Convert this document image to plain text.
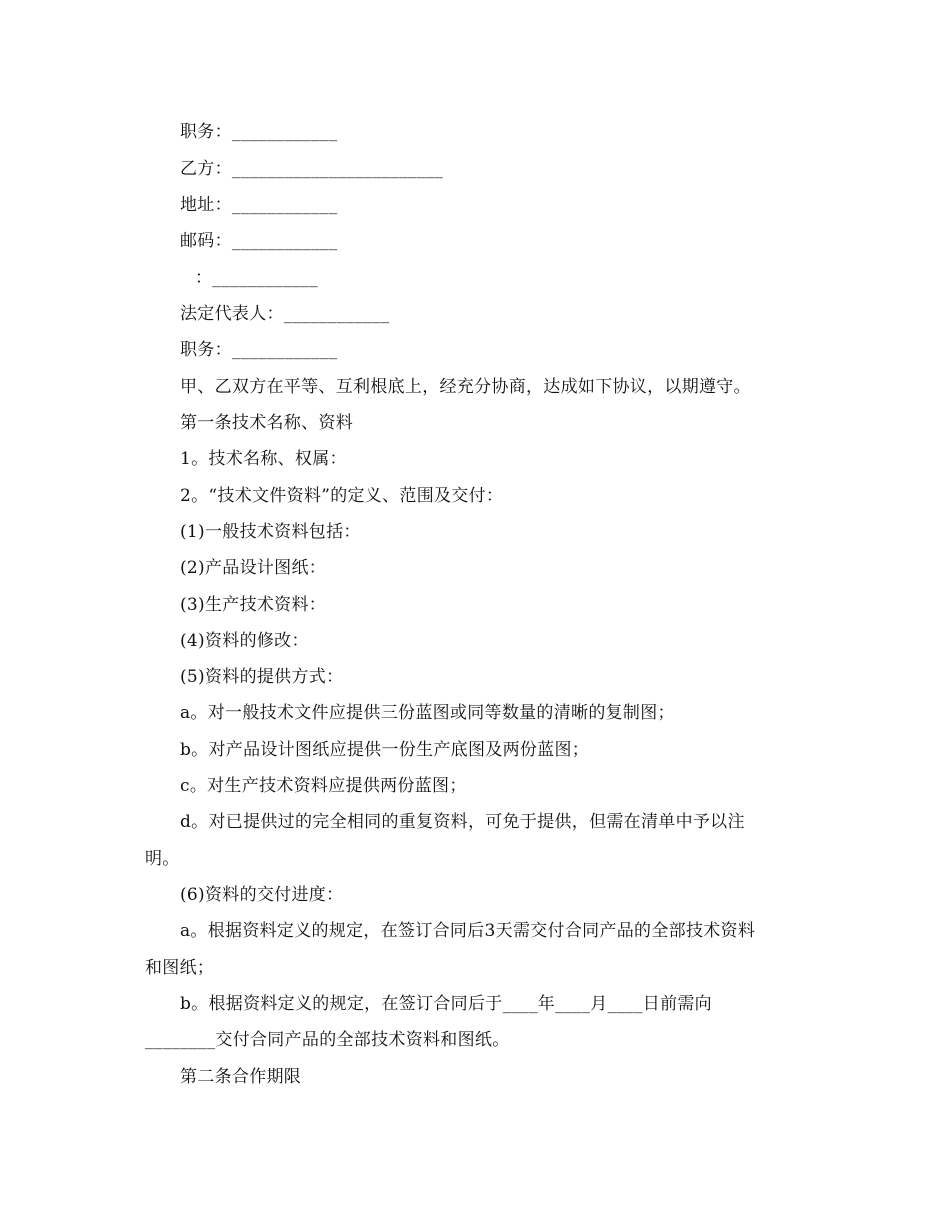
职务：____________
乙方：________________________
地址：____________
邮码：____________
：____________
法定代表人：____________
职务：____________
甲、乙双方在平等、互利根底上，经充分协商，达成如下协议，以期遵守。
第一条技术名称、资料
1。技术名称、权属：
2。“技术文件资料”的定义、范围及交付：
(1)一般技术资料包括：
(2)产品设计图纸：
(3)生产技术资料：
(4)资料的修改：
(5)资料的提供方式：
a。对一般技术文件应提供三份蓝图或同等数量的清晰的复制图；
b。对产品设计图纸应提供一份生产底图及两份蓝图；
c。对生产技术资料应提供两份蓝图；
d。对已提供过的完全相同的重复资料，可免于提供，但需在清单中予以注
明。
(6)资料的交付进度：
a。根据资料定义的规定，在签订合同后3天需交付合同产品的全部技术资料
和图纸；
b。根据资料定义的规定，在签订合同后于____年____月____日前需向
________交付合同产品的全部技术资料和图纸。
第二条合作期限
